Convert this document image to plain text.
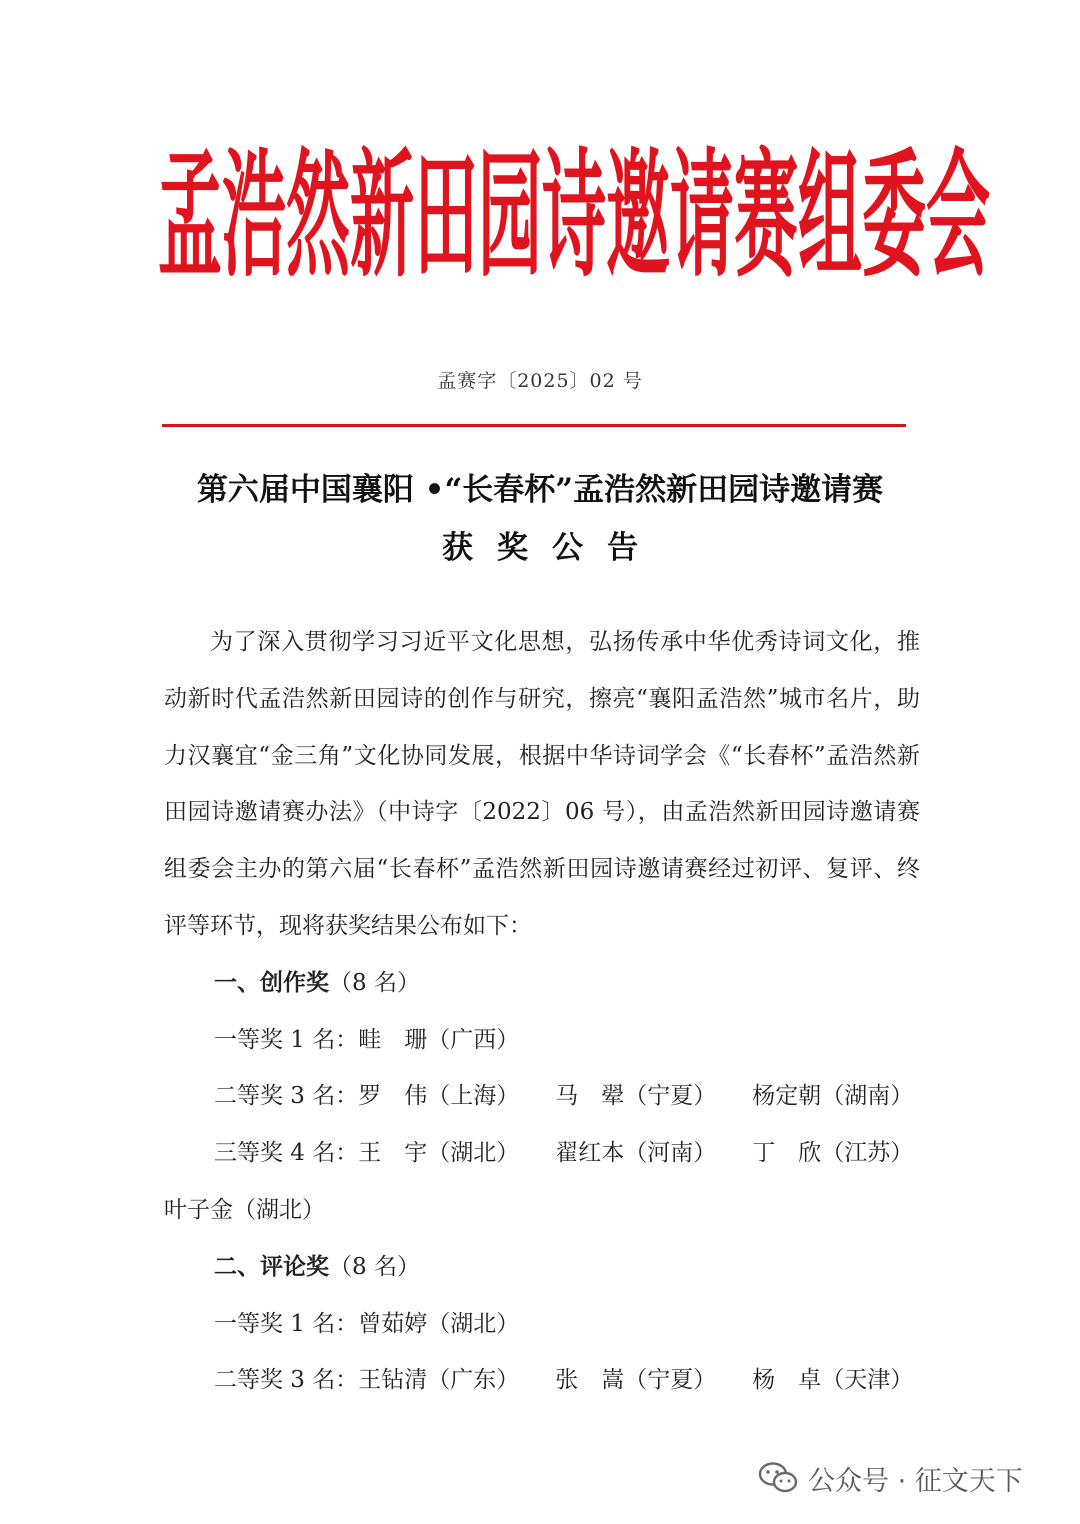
孟 浩 然 新 田 园 诗 邀 请 赛 组 委 会
孟赛字〔2025〕02 号
第六届中国襄阳 •“长春杯”孟浩然新田园诗邀请赛
获奖公告

为了深入贯彻学习习近平文化思想，弘扬传承中华优秀诗词文化，推动新时代孟浩然新田园诗的创作与研究，擦亮“襄阳孟浩然”城市名片，助力汉襄宜“金三角”文化协同发展，根据中华诗词学会《“长春杯”孟浩然新田园诗邀请赛办法》（中诗字〔2022〕06 号），由孟浩然新田园诗邀请赛组委会主办的第六届“长春杯”孟浩然新田园诗邀请赛经过初评、复评、终评等环节，现将获奖结果公布如下：

一、创作奖（8 名）

一等奖 1 名：畦　珊（广西）

二等奖 3 名：罗　伟（上海） 马　翚（宁夏） 杨定朝（湖南）

三等奖 4 名：王　宇（湖北） 翟红本（河南） 丁　欣（江苏）

叶子金（湖北）

二、评论奖（8 名）

一等奖 1 名：曾茹婷（湖北）

二等奖 3 名：王钻清（广东） 张　嵩（宁夏） 杨　卓（天津）

公众号 · 征文天下
